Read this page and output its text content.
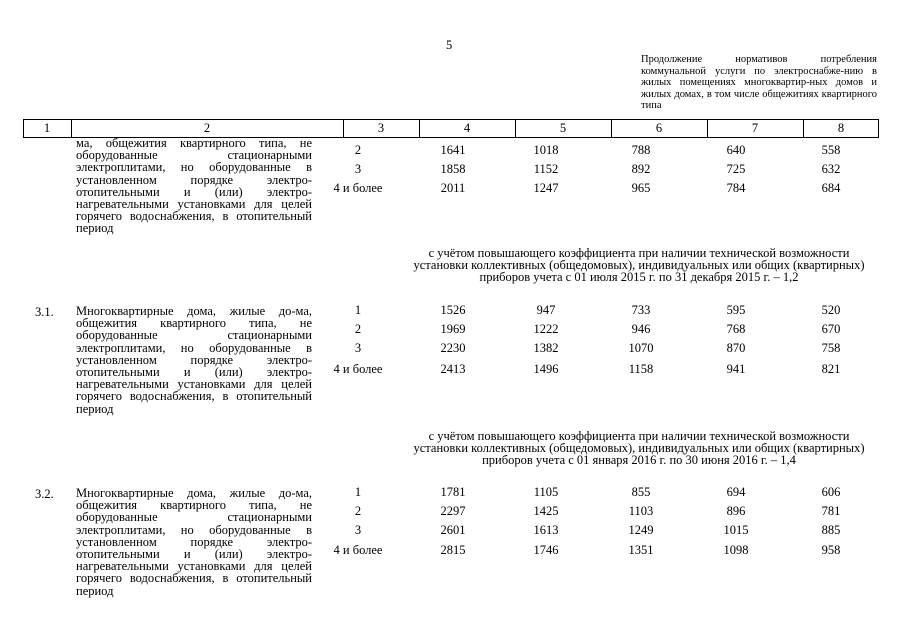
5
Продолжение нормативов потребления коммунальной услуги по электроснабже-нию в жилых помещениях многоквартир-ных домов и жилых домах, в том числе общежитиях квартирного типа
1	2	3	4	5	6	7	8
ма, общежития квартирного типа, не оборудованные стационарными электроплитами, но оборудованные в установленном порядке электро-отопительными и (или) электро-нагревательными установками для целей горячего водоснабжения, в отопительный период
2	1641	1018	788	640	558
3	1858	1152	892	725	632
4 и более	2011	1247	965	784	684
с учётом повышающего коэффициента при наличии технической возможности установки коллективных (общедомовых), индивидуальных или общих (квартирных) приборов учета с 01 июля 2015 г. по 31 декабря 2015 г. – 1,2
3.1. Многоквартирные дома, жилые до-ма, общежития квартирного типа, не оборудованные стационарными электроплитами, но оборудованные в установленном порядке электро-отопительными и (или) электро-нагревательными установками для целей горячего водоснабжения, в отопительный период
1	1526	947	733	595	520
2	1969	1222	946	768	670
3	2230	1382	1070	870	758
4 и более	2413	1496	1158	941	821
с учётом повышающего коэффициента при наличии технической возможности установки коллективных (общедомовых), индивидуальных или общих (квартирных) приборов учета с 01 января 2016 г. по 30 июня 2016 г. – 1,4
3.2. Многоквартирные дома, жилые до-ма, общежития квартирного типа, не оборудованные стационарными электроплитами, но оборудованные в установленном порядке электро-отопительными и (или) электро-нагревательными установками для целей горячего водоснабжения, в отопительный период
1	1781	1105	855	694	606
2	2297	1425	1103	896	781
3	2601	1613	1249	1015	885
4 и более	2815	1746	1351	1098	958
